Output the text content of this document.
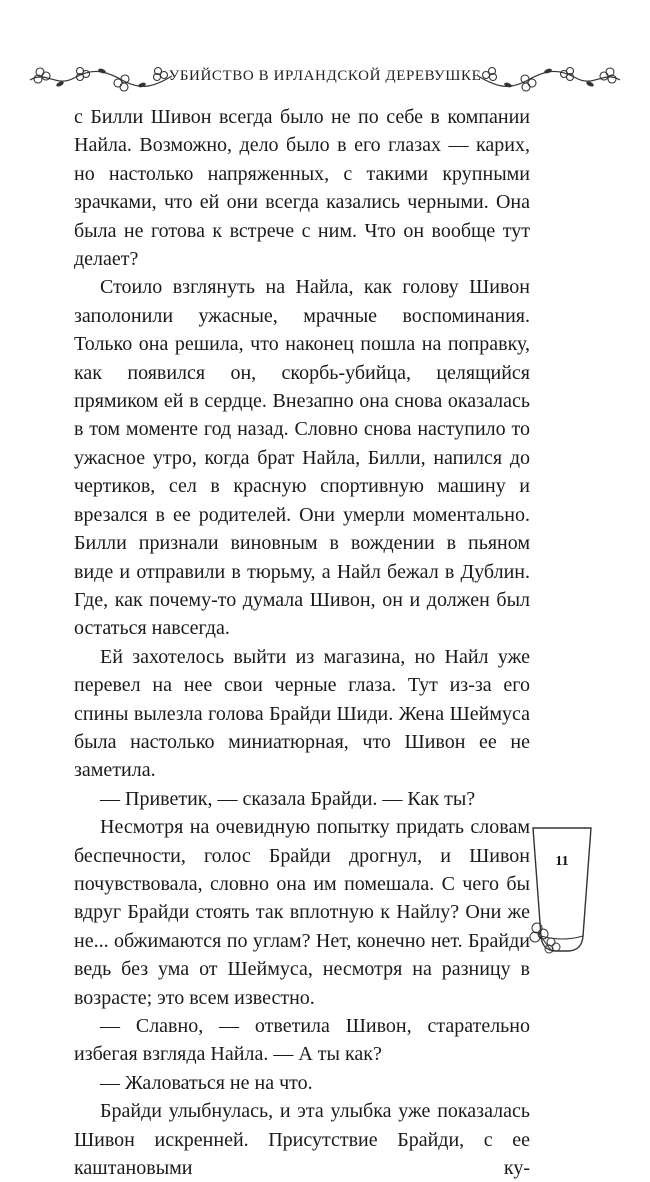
УБИЙСТВО В ИРЛАНДСКОЙ ДЕРЕВУШКЕ

с Билли Шивон всегда было не по себе в компании Найла. Возможно, дело было в его глазах — карих, но настолько напряженных, с такими крупными зрачками, что ей они всегда казались черными. Она была не готова к встрече с ним. Что он вообще тут делает?

Стоило взглянуть на Найла, как голову Шивон заполонили ужасные, мрачные воспоминания. Только она решила, что наконец пошла на поправку, как появился он, скорбь-убийца, целящийся прямиком ей в сердце. Внезапно она снова оказалась в том моменте год назад. Словно снова наступило то ужасное утро, когда брат Найла, Билли, напился до чертиков, сел в красную спортивную машину и врезался в ее родителей. Они умерли моментально. Билли признали виновным в вождении в пьяном виде и отправили в тюрьму, а Найл бежал в Дублин. Где, как почему-то думала Шивон, он и должен был остаться навсегда.

Ей захотелось выйти из магазина, но Найл уже перевел на нее свои черные глаза. Тут из-за его спины вылезла голова Брайди Шиди. Жена Шеймуса была настолько миниатюрная, что Шивон ее не заметила.

— Приветик, — сказала Брайди. — Как ты?

Несмотря на очевидную попытку придать словам беспечности, голос Брайди дрогнул, и Шивон почувствовала, словно она им помешала. С чего бы вдруг Брайди стоять так вплотную к Найлу? Они же не... обжимаются по углам? Нет, конечно нет. Брайди ведь без ума от Шеймуса, несмотря на разницу в возрасте; это всем известно.

— Славно, — ответила Шивон, старательно избегая взгляда Найла. — А ты как?

— Жаловаться не на что.

Брайди улыбнулась, и эта улыбка уже показалась Шивон искренней. Присутствие Брайди, с ее каштановыми ку-

11
